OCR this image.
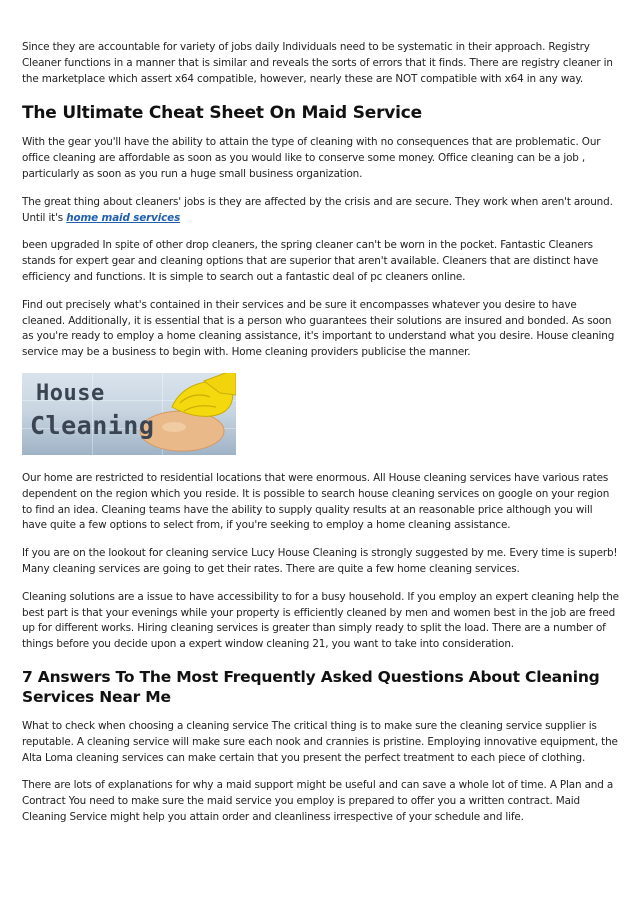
Since they are accountable for variety of jobs daily Individuals need to be systematic in their approach. Registry Cleaner functions in a manner that is similar and reveals the sorts of errors that it finds. There are registry cleaner in the marketplace which assert x64 compatible, however, nearly these are NOT compatible with x64 in any way.

The Ultimate Cheat Sheet On Maid Service

With the gear you'll have the ability to attain the type of cleaning with no consequences that are problematic. Our office cleaning are affordable as soon as you would like to conserve some money. Office cleaning can be a job , particularly as soon as you run a huge small business organization.

The great thing about cleaners' jobs is they are affected by the crisis and are secure. They work when aren't around. Until it's home maid services

been upgraded In spite of other drop cleaners, the spring cleaner can't be worn in the pocket. Fantastic Cleaners stands for expert gear and cleaning options that are superior that aren't available. Cleaners that are distinct have efficiency and functions. It is simple to search out a fantastic deal of pc cleaners online.

Find out precisely what's contained in their services and be sure it encompasses whatever you desire to have cleaned. Additionally, it is essential that is a person who guarantees their solutions are insured and bonded. As soon as you're ready to employ a home cleaning assistance, it's important to understand what you desire. House cleaning service may be a business to begin with. Home cleaning providers publicise the manner.

House
Cleaning

Our home are restricted to residential locations that were enormous. All House cleaning services have various rates dependent on the region which you reside. It is possible to search house cleaning services on google on your region to find an idea. Cleaning teams have the ability to supply quality results at an reasonable price although you will have quite a few options to select from, if you're seeking to employ a home cleaning assistance.

If you are on the lookout for cleaning service Lucy House Cleaning is strongly suggested by me. Every time is superb! Many cleaning services are going to get their rates. There are quite a few home cleaning services.

Cleaning solutions are a issue to have accessibility to for a busy household. If you employ an expert cleaning help the best part is that your evenings while your property is efficiently cleaned by men and women best in the job are freed up for different works. Hiring cleaning services is greater than simply ready to split the load. There are a number of things before you decide upon a expert window cleaning 21, you want to take into consideration.

7 Answers To The Most Frequently Asked Questions About Cleaning Services Near Me

What to check when choosing a cleaning service The critical thing is to make sure the cleaning service supplier is reputable. A cleaning service will make sure each nook and crannies is pristine. Employing innovative equipment, the Alta Loma cleaning services can make certain that you present the perfect treatment to each piece of clothing.

There are lots of explanations for why a maid support might be useful and can save a whole lot of time. A Plan and a Contract You need to make sure the maid service you employ is prepared to offer you a written contract. Maid Cleaning Service might help you attain order and cleanliness irrespective of your schedule and life.
